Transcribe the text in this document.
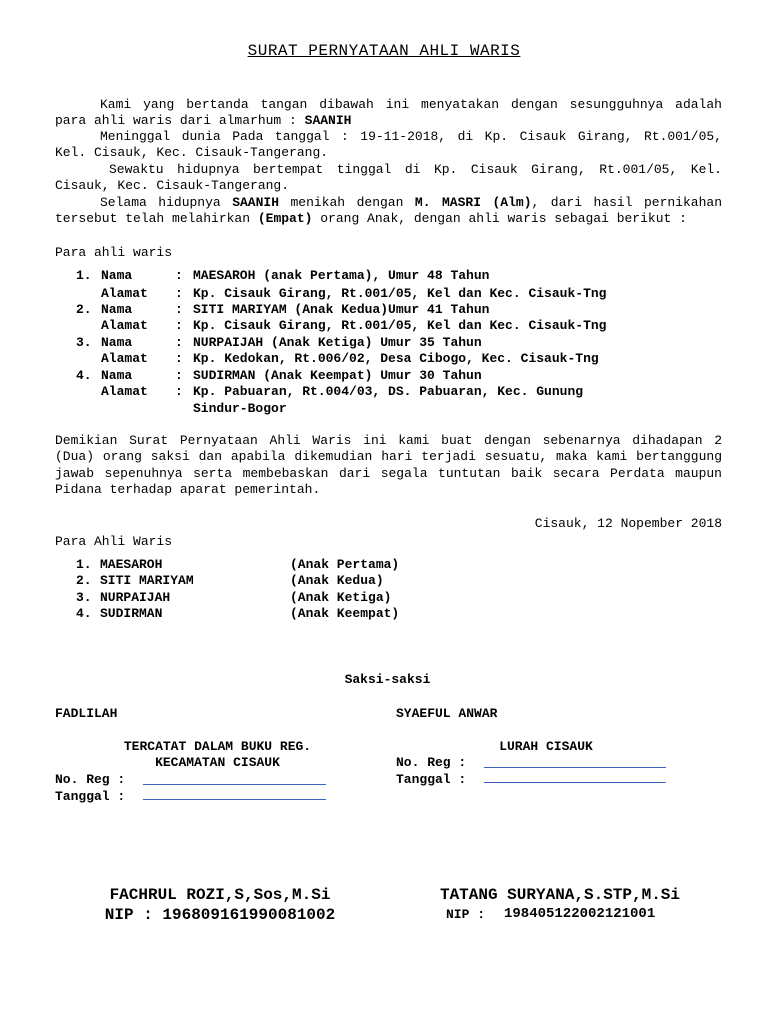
SURAT PERNYATAAN AHLI WARIS
Kami yang bertanda tangan dibawah ini menyatakan dengan sesungguhnya adalah para ahli waris dari almarhum : SAANIH
Meninggal dunia Pada tanggal : 19-11-2018, di Kp. Cisauk Girang, Rt.001/05, Kel. Cisauk, Kec. Cisauk-Tangerang.
Sewaktu hidupnya bertempat tinggal di Kp. Cisauk Girang, Rt.001/05, Kel. Cisauk, Kec. Cisauk-Tangerang.
Selama hidupnya SAANIH menikah dengan M. MASRI (Alm), dari hasil pernikahan tersebut telah melahirkan (Empat) orang Anak, dengan ahli waris sebagai berikut :
Para ahli waris
1. Nama	: MAESAROH (anak Pertama), Umur 48 Tahun
Alamat : Kp. Cisauk Girang, Rt.001/05, Kel dan Kec. Cisauk-Tng
2. Nama	: SITI MARIYAM (Anak Kedua)Umur 41 Tahun
Alamat : Kp. Cisauk Girang, Rt.001/05, Kel dan Kec. Cisauk-Tng
3. Nama	: NURPAIJAH (Anak Ketiga) Umur 35 Tahun
Alamat : Kp. Kedokan, Rt.006/02, Desa Cibogo, Kec. Cisauk-Tng
4. Nama	: SUDIRMAN (Anak Keempat) Umur 30 Tahun
Alamat : Kp. Pabuaran, Rt.004/03, DS. Pabuaran, Kec. Gunung
Sindur-Bogor
Demikian Surat Pernyataan Ahli Waris ini kami buat dengan sebenarnya dihadapan 2 (Dua) orang saksi dan apabila dikemudian hari terjadi sesuatu, maka kami bertanggung jawab sepenuhnya serta membebaskan dari segala tuntutan baik secara Perdata maupun Pidana terhadap aparat pemerintah.
Cisauk, 12 Nopember 2018
Para Ahli Waris
1. MAESAROH	(Anak Pertama)
2. SITI MARIYAM	(Anak Kedua)
3. NURPAIJAH	(Anak Ketiga)
4. SUDIRMAN	(Anak Keempat)
Saksi-saksi
FADLILAH	SYAEFUL ANWAR
TERCATAT DALAM BUKU REG.
KECAMATAN CISAUK
LURAH CISAUK
No. Reg :
Tanggal :
No. Reg :
Tanggal :
FACHRUL ROZI,S,Sos,M.Si
NIP : 196809161990081002
TATANG SURYANA,S.STP,M.Si
NIP : 198405122002121001
